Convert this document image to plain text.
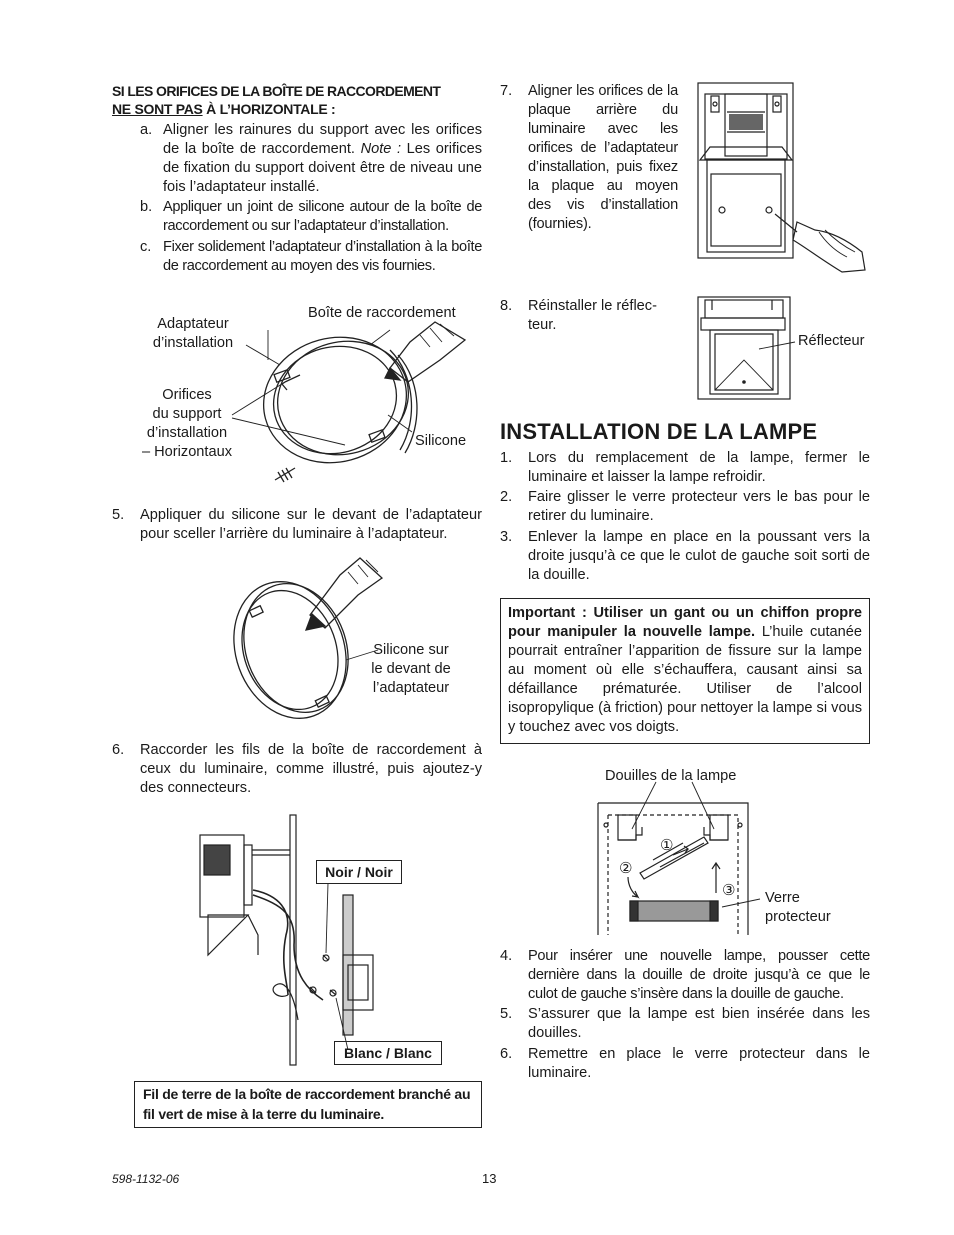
SI LES ORIFICES DE LA BOÎTE DE RACCORDEMENT
NE SONT PAS À L’HORIZONTALE :
a. Aligner les rainures du support avec les orifices de la boîte de raccordement. Note : Les orifices de fixation du support doivent être de niveau une fois l’adaptateur installé.
b. Appliquer un joint de silicone autour de la boîte de raccordement ou sur l’adaptateur d’installation.
c. Fixer solidement l’adaptateur d’installation à la boîte de raccordement au moyen des vis fournies.
Adaptateur
d’installation
Boîte de raccordement
Orifices
du support
d’installation
– Horizontaux
Silicone
5. Appliquer du silicone sur le devant de l’adaptateur pour sceller l’arrière du luminaire à l’adaptateur.
Silicone sur
le devant de
l’adaptateur
6. Raccorder les fils de la boîte de raccordement à ceux du luminaire, comme illustré, puis ajoutez-y des connecteurs.
Noir / Noir
Blanc / Blanc
Fil de terre de la boîte de raccordement branché au fil vert de mise à la terre du luminaire.
7. Aligner les orifices de la plaque arrière du luminaire avec les orifices de l’adaptateur d’installation, puis fixez la plaque au moyen des vis d’installation (fournies).
8. Réinstaller le réflec-
teur.
Réflecteur
INSTALLATION DE LA LAMPE
1. Lors du remplacement de la lampe, fermer le luminaire et laisser la lampe refroidir.
2. Faire glisser le verre protecteur vers le bas pour le retirer du luminaire.
3. Enlever la lampe en place en la poussant vers la droite jusqu’à ce que le culot de gauche soit sorti de la douille.
Important : Utiliser un gant ou un chiffon propre pour manipuler la nouvelle lampe. L’huile cutanée pourrait entraîner l’apparition de fissure sur la lampe au moment où elle s’échauffera, causant ainsi sa défaillance prématurée. Utiliser de l’alcool isopropylique (à friction) pour nettoyer la lampe si vous y touchez avec vos doigts.
Douilles de la lampe
①
②
③ Verre
protecteur
4. Pour insérer une nouvelle lampe, pousser cette dernière dans la douille de droite jusqu’à ce que le culot de gauche s’insère dans la douille de gauche.
5. S’assurer que la lampe est bien insérée dans les douilles.
6. Remettre en place le verre protecteur dans le luminaire.
598-1132-06	13
